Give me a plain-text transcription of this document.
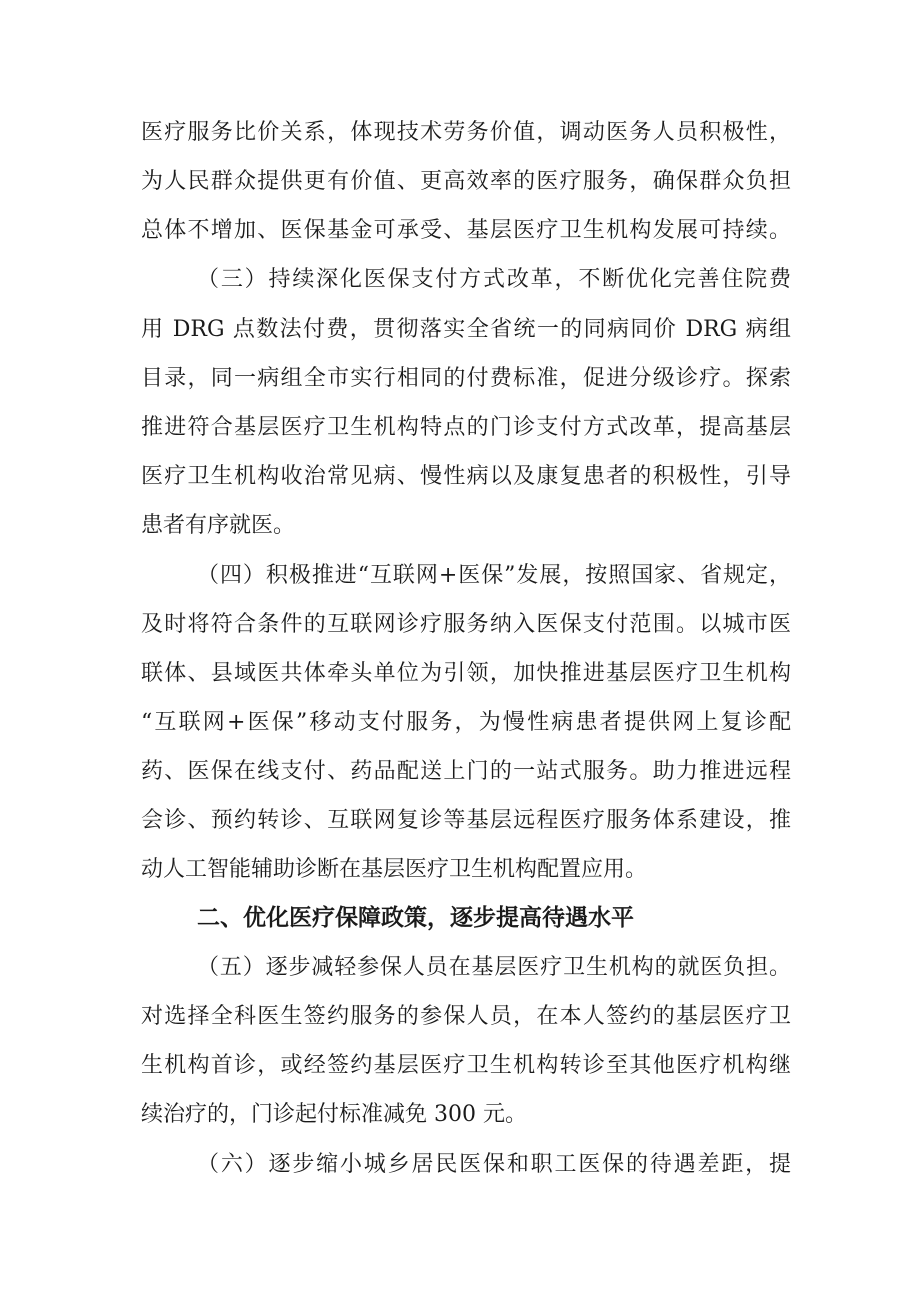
医疗服务比价关系，体现技术劳务价值，调动医务人员积极性，
为人民群众提供更有价值、更高效率的医疗服务，确保群众负担
总体不增加、医保基金可承受、基层医疗卫生机构发展可持续。
（三）持续深化医保支付方式改革，不断优化完善住院费
用 DRG 点数法付费，贯彻落实全省统一的同病同价 DRG 病组
目录，同一病组全市实行相同的付费标准，促进分级诊疗。探索
推进符合基层医疗卫生机构特点的门诊支付方式改革，提高基层
医疗卫生机构收治常见病、慢性病以及康复患者的积极性，引导
患者有序就医。
（四）积极推进“互联网+医保”发展，按照国家、省规定，
及时将符合条件的互联网诊疗服务纳入医保支付范围。以城市医
联体、县域医共体牵头单位为引领，加快推进基层医疗卫生机构
“互联网+医保”移动支付服务，为慢性病患者提供网上复诊配
药、医保在线支付、药品配送上门的一站式服务。助力推进远程
会诊、预约转诊、互联网复诊等基层远程医疗服务体系建设，推
动人工智能辅助诊断在基层医疗卫生机构配置应用。
二、优化医疗保障政策，逐步提高待遇水平
（五）逐步减轻参保人员在基层医疗卫生机构的就医负担。
对选择全科医生签约服务的参保人员，在本人签约的基层医疗卫
生机构首诊，或经签约基层医疗卫生机构转诊至其他医疗机构继
续治疗的，门诊起付标准减免 300 元。
（六）逐步缩小城乡居民医保和职工医保的待遇差距，提
